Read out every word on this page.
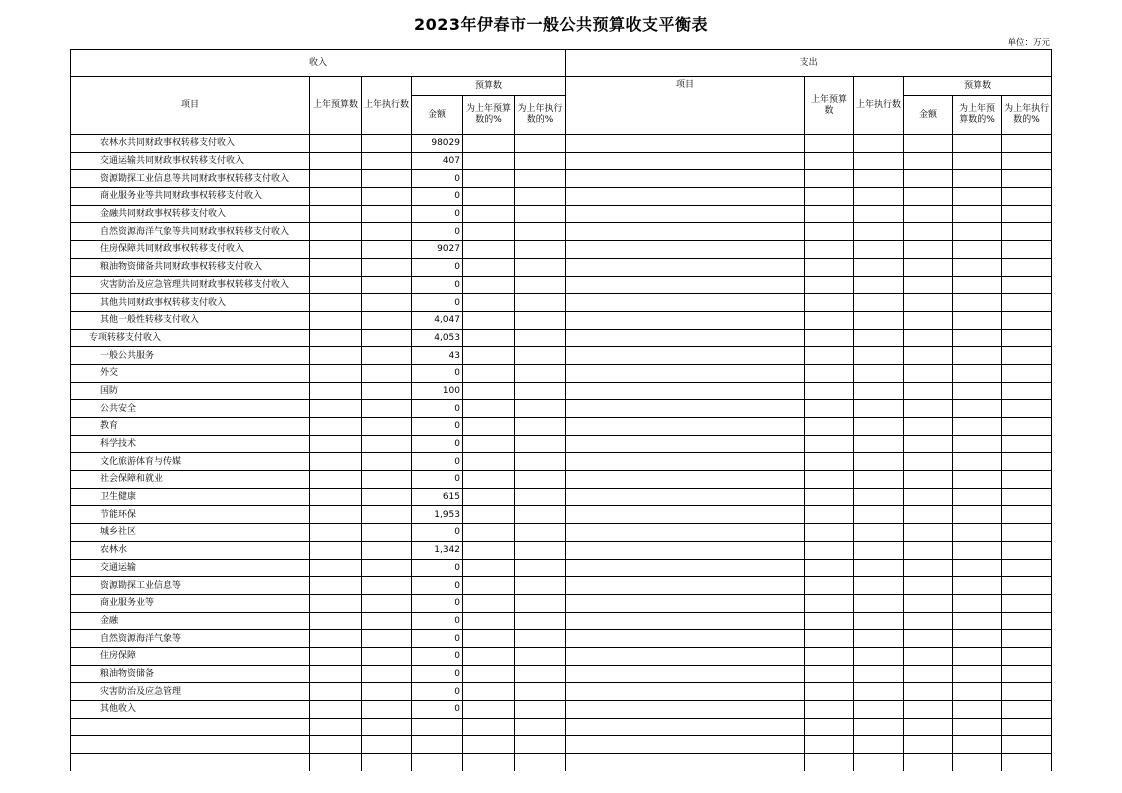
2023年伊春市一般公共预算收支平衡表
单位：万元
收入						支出					
项目	上年预算数	上年执行数	预算数			项目	上年预算数	上年执行数	预算数		
			金额	为上年预算数的%	为上年执行数的%				金额	为上年预算数的%	为上年执行数的%
农林水共同财政事权转移支付收入			98029								
交通运输共同财政事权转移支付收入			407								
资源勘探工业信息等共同财政事权转移支付收入			0								
商业服务业等共同财政事权转移支付收入			0								
金融共同财政事权转移支付收入			0								
自然资源海洋气象等共同财政事权转移支付收入			0								
住房保障共同财政事权转移支付收入			9027								
粮油物资储备共同财政事权转移支付收入			0								
灾害防治及应急管理共同财政事权转移支付收入			0								
其他共同财政事权转移支付收入			0								
其他一般性转移支付收入			4,047								
专项转移支付收入			4,053								
一般公共服务			43								
外交			0								
国防			100								
公共安全			0								
教育			0								
科学技术			0								
文化旅游体育与传媒			0								
社会保障和就业			0								
卫生健康			615								
节能环保			1,953								
城乡社区			0								
农林水			1,342								
交通运输			0								
资源勘探工业信息等			0								
商业服务业等			0								
金融			0								
自然资源海洋气象等			0								
住房保障			0								
粮油物资储备			0								
灾害防治及应急管理			0								
其他收入			0								
